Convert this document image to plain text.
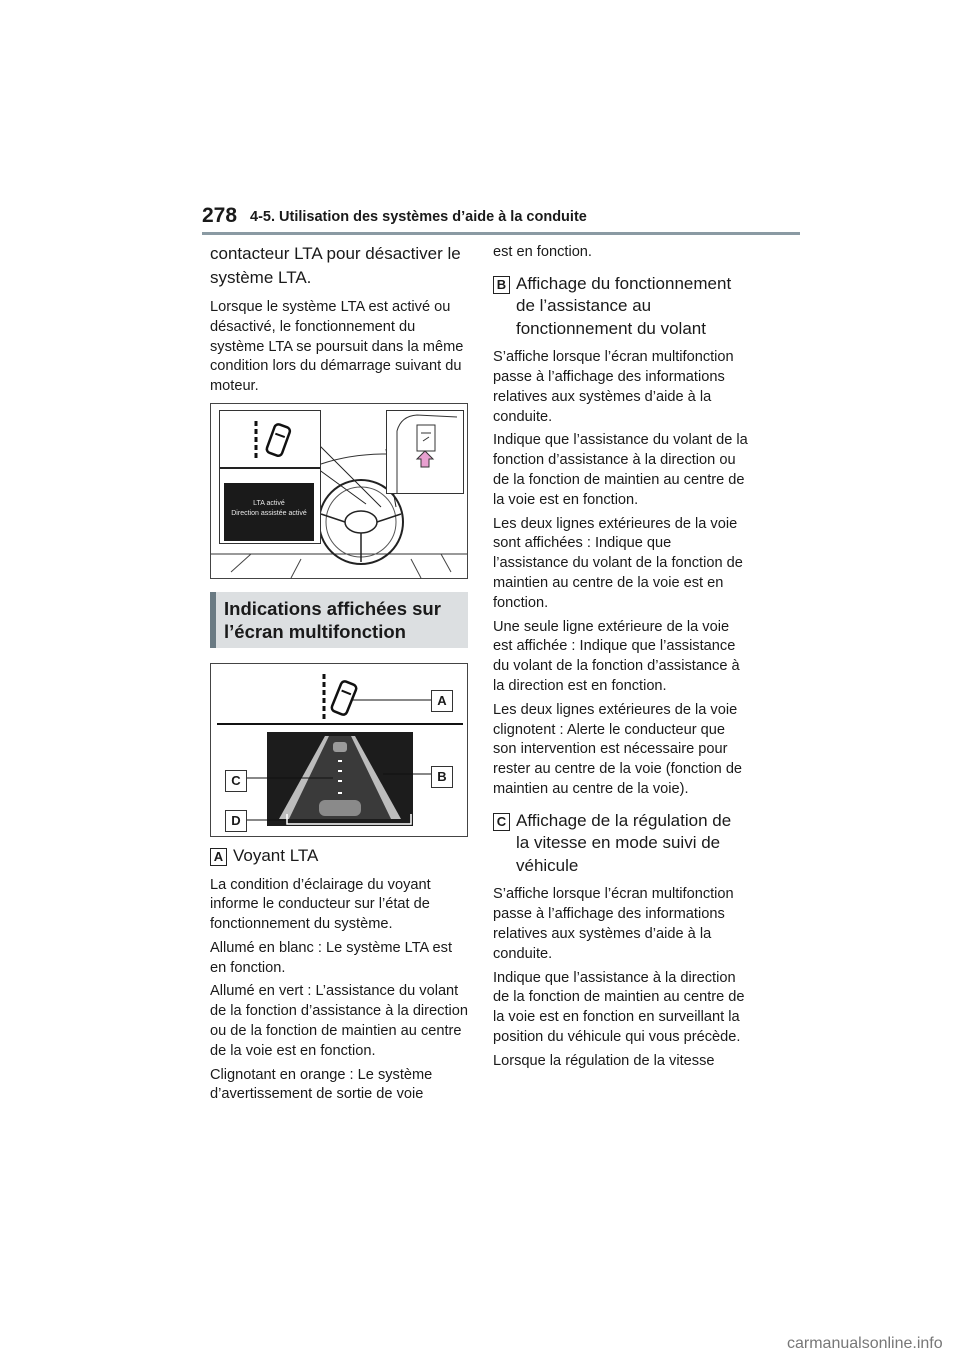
278 4-5. Utilisation des systèmes d’aide à la conduite

contacteur LTA pour désactiver le système LTA.

Lorsque le système LTA est activé ou désactivé, le fonctionnement du système LTA se poursuit dans la même condition lors du démarrage suivant du moteur.

LTA activé
Direction assistée activé
Indications affichées sur l’écran multifonction
A
B
C
D
A Voyant LTA

La condition d’éclairage du voyant informe le conducteur sur l’état de fonctionnement du système.

Allumé en blanc : Le système LTA est en fonction.

Allumé en vert : L’assistance du volant de la fonction d’assistance à la direction ou de la fonction de maintien au centre de la voie est en fonction.

Clignotant en orange : Le système d’avertissement de sortie de voie

est en fonction.

B Affichage du fonctionnement de l’assistance au fonctionnement du volant

S’affiche lorsque l’écran multifonction passe à l’affichage des informations relatives aux systèmes d’aide à la conduite.

Indique que l’assistance du volant de la fonction d’assistance à la direction ou de la fonction de maintien au centre de la voie est en fonction.

Les deux lignes extérieures de la voie sont affichées : Indique que l’assistance du volant de la fonction de maintien au centre de la voie est en fonction.

Une seule ligne extérieure de la voie est affichée : Indique que l’assistance du volant de la fonction d’assistance à la direction est en fonction.

Les deux lignes extérieures de la voie clignotent : Alerte le conducteur que son intervention est nécessaire pour rester au centre de la voie (fonction de maintien au centre de la voie).

C Affichage de la régulation de la vitesse en mode suivi de véhicule

S’affiche lorsque l’écran multifonction passe à l’affichage des informations relatives aux systèmes d’aide à la conduite.

Indique que l’assistance à la direction de la fonction de maintien au centre de la voie est en fonction en surveillant la position du véhicule qui vous précède.

Lorsque la régulation de la vitesse

carmanualsonline.info
